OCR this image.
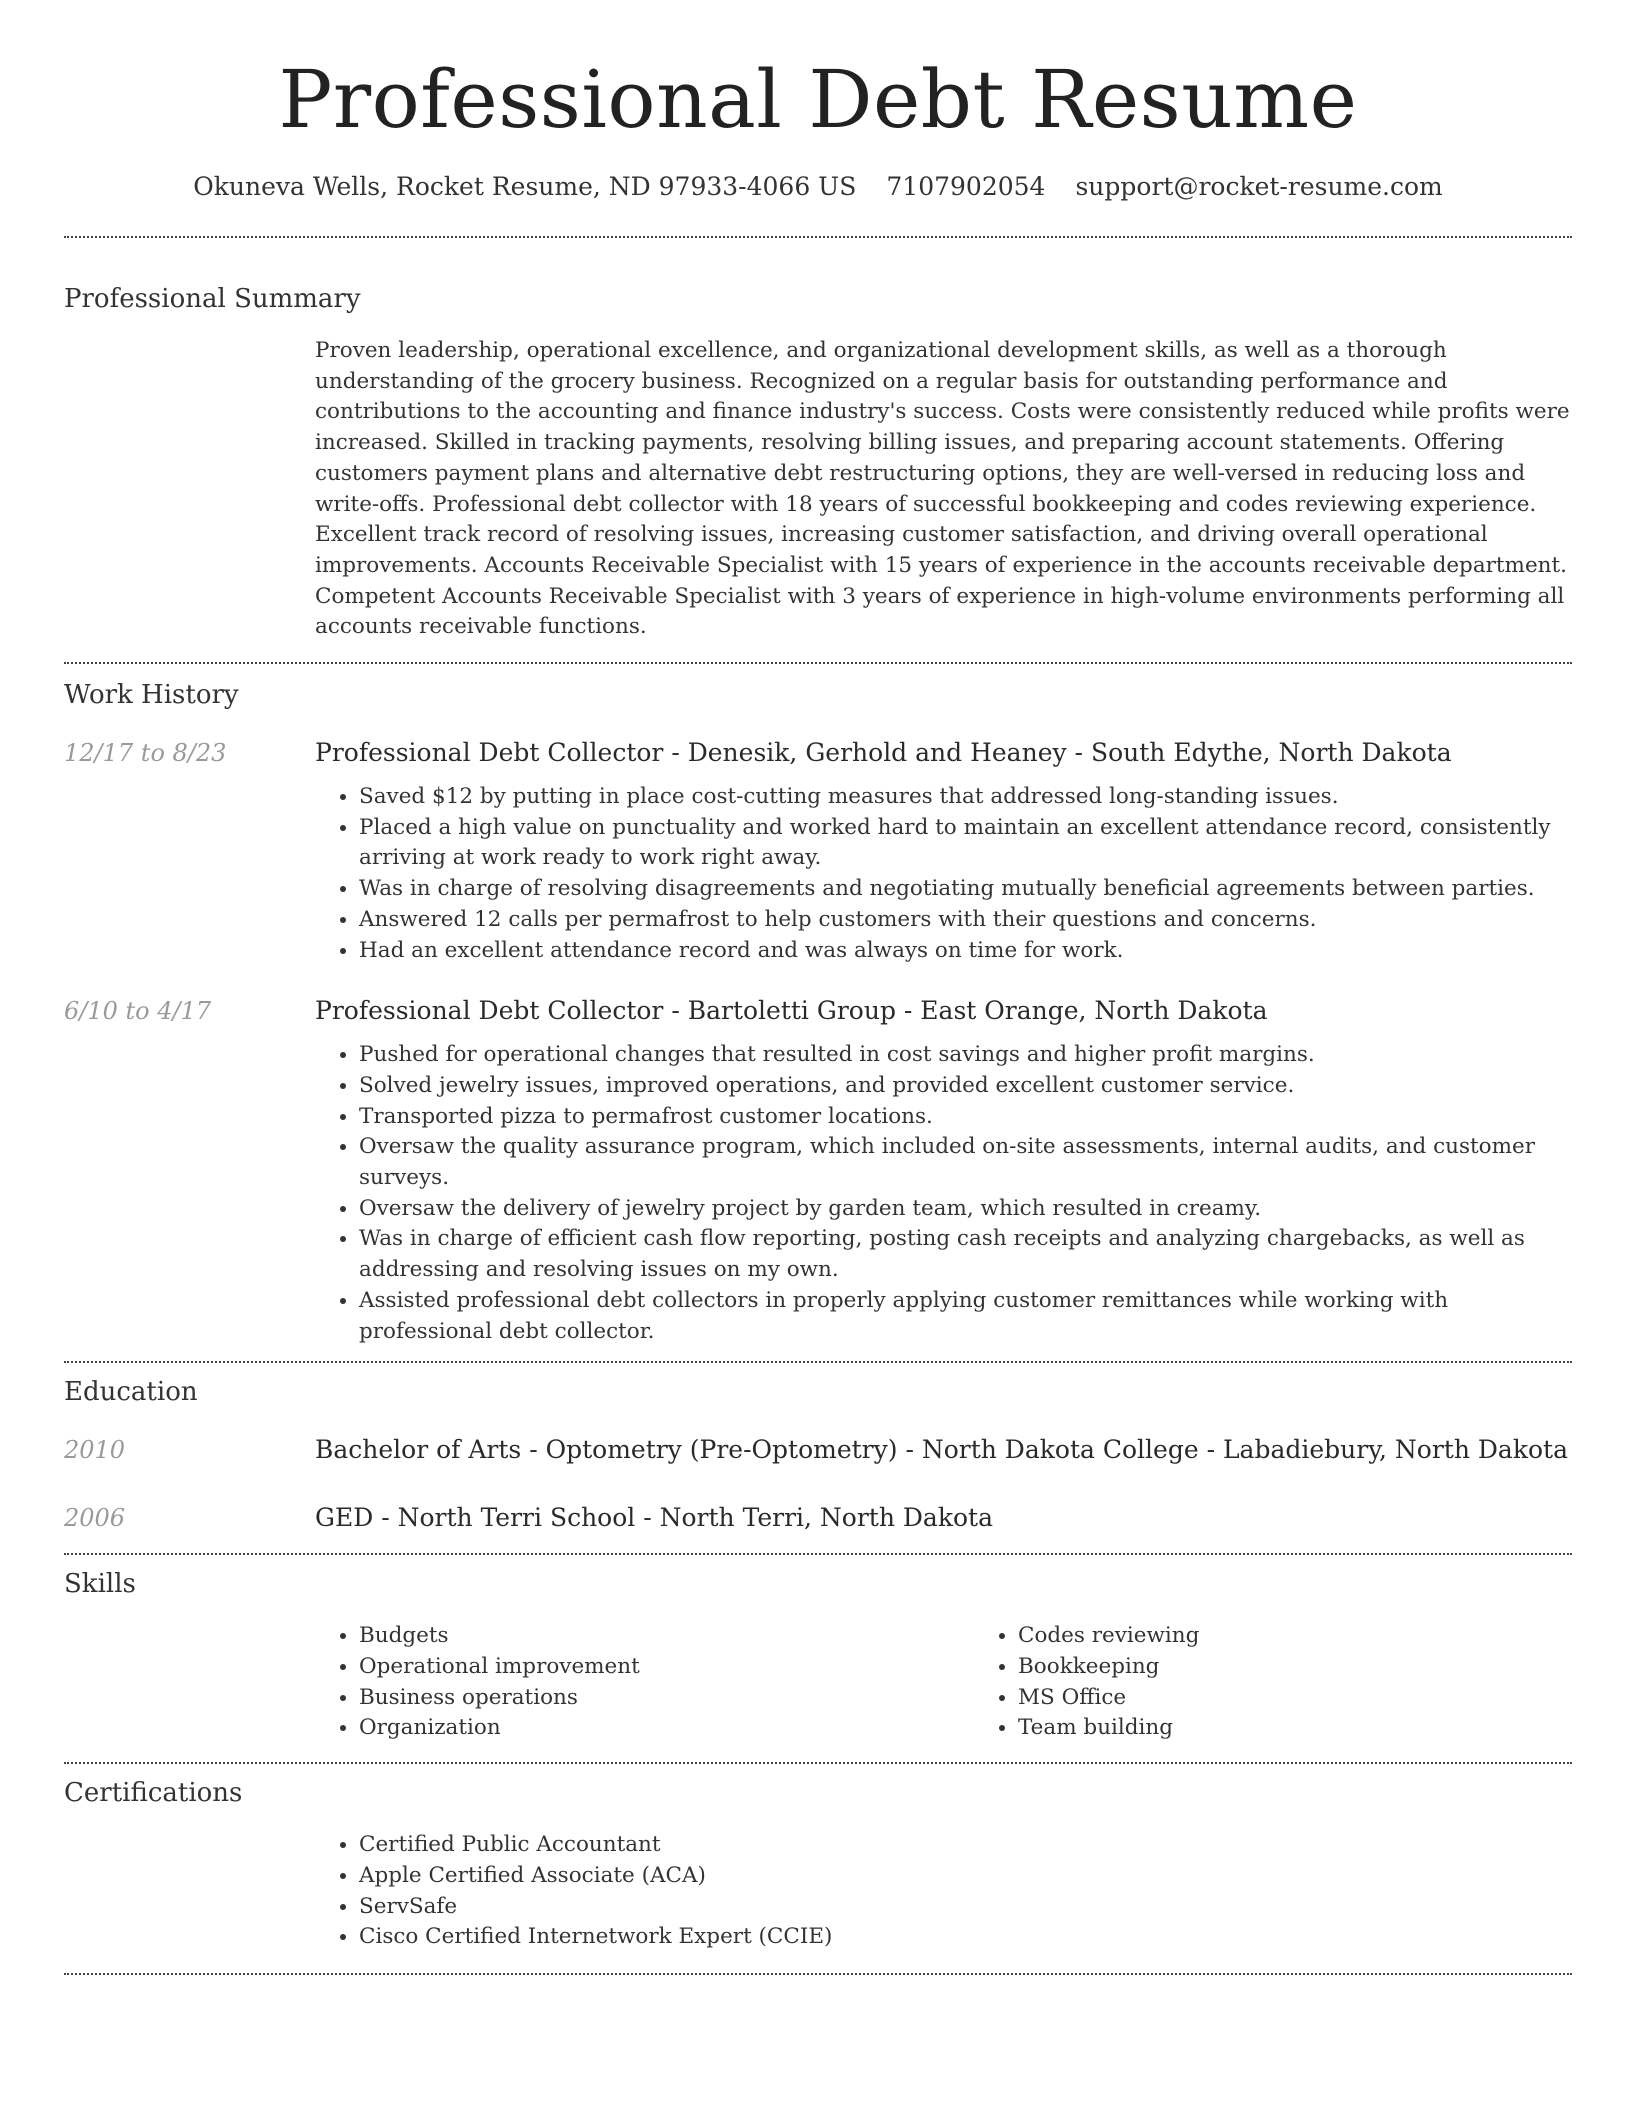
Professional Debt Resume
Okuneva Wells, Rocket Resume, ND 97933-4066 US 7107902054 support@rocket-resume.com
Professional Summary

Proven leadership, operational excellence, and organizational development skills, as well as a thorough understanding of the grocery business. Recognized on a regular basis for outstanding performance and contributions to the accounting and finance industry's success. Costs were consistently reduced while profits were increased. Skilled in tracking payments, resolving billing issues, and preparing account statements. Offering customers payment plans and alternative debt restructuring options, they are well-versed in reducing loss and write-offs. Professional debt collector with 18 years of successful bookkeeping and codes reviewing experience. Excellent track record of resolving issues, increasing customer satisfaction, and driving overall operational improvements. Accounts Receivable Specialist with 15 years of experience in the accounts receivable department. Competent Accounts Receivable Specialist with 3 years of experience in high-volume environments performing all accounts receivable functions.

Work History
12/17 to 8/23	Professional Debt Collector - Denesik, Gerhold and Heaney - South Edythe, North Dakota
• Saved $12 by putting in place cost-cutting measures that addressed long-standing issues.
• Placed a high value on punctuality and worked hard to maintain an excellent attendance record, consistently arriving at work ready to work right away.
• Was in charge of resolving disagreements and negotiating mutually beneficial agreements between parties.
• Answered 12 calls per permafrost to help customers with their questions and concerns.
• Had an excellent attendance record and was always on time for work.
6/10 to 4/17	Professional Debt Collector - Bartoletti Group - East Orange, North Dakota
• Pushed for operational changes that resulted in cost savings and higher profit margins.
• Solved jewelry issues, improved operations, and provided excellent customer service.
• Transported pizza to permafrost customer locations.
• Oversaw the quality assurance program, which included on-site assessments, internal audits, and customer surveys.
• Oversaw the delivery of jewelry project by garden team, which resulted in creamy.
• Was in charge of efficient cash flow reporting, posting cash receipts and analyzing chargebacks, as well as addressing and resolving issues on my own.
• Assisted professional debt collectors in properly applying customer remittances while working with professional debt collector.
Education
2010	Bachelor of Arts - Optometry (Pre-Optometry) - North Dakota College - Labadiebury, North Dakota
2006	GED - North Terri School - North Terri, North Dakota
Skills
• Budgets
• Operational improvement
• Business operations
• Organization
• Codes reviewing
• Bookkeeping
• MS Office
• Team building
Certifications
• Certified Public Accountant
• Apple Certified Associate (ACA)
• ServSafe
• Cisco Certified Internetwork Expert (CCIE)
